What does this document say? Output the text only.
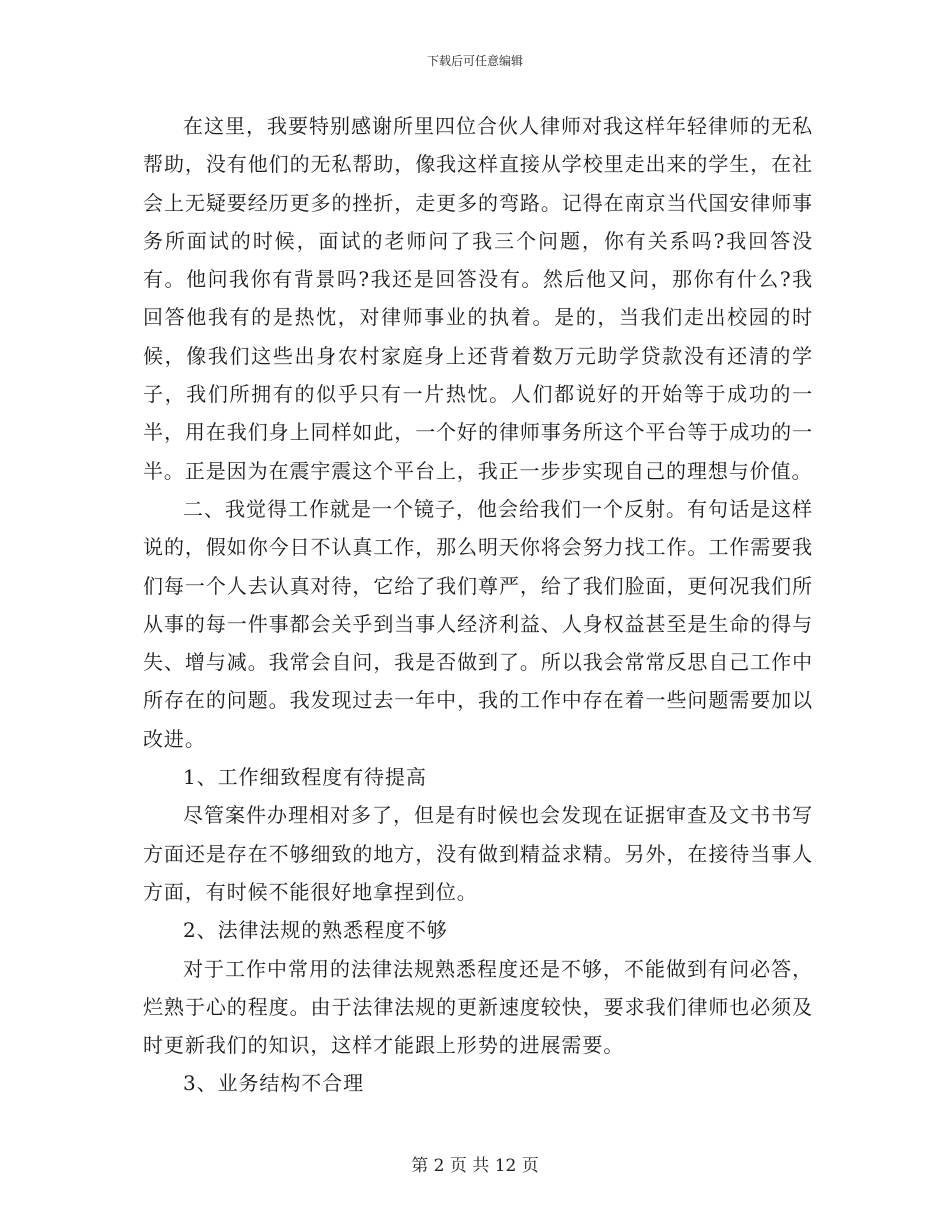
下载后可任意编辑

在这里，我要特别感谢所里四位合伙人律师对我这样年轻律师的无私帮助，没有他们的无私帮助，像我这样直接从学校里走出来的学生，在社会上无疑要经历更多的挫折，走更多的弯路。记得在南京当代国安律师事务所面试的时候，面试的老师问了我三个问题，你有关系吗?我回答没有。他问我你有背景吗?我还是回答没有。然后他又问，那你有什么?我回答他我有的是热忱，对律师事业的执着。是的，当我们走出校园的时候，像我们这些出身农村家庭身上还背着数万元助学贷款没有还清的学子，我们所拥有的似乎只有一片热忱。人们都说好的开始等于成功的一半，用在我们身上同样如此，一个好的律师事务所这个平台等于成功的一半。正是因为在震宇震这个平台上，我正一步步实现自己的理想与价值。

二、我觉得工作就是一个镜子，他会给我们一个反射。有句话是这样说的，假如你今日不认真工作，那么明天你将会努力找工作。工作需要我们每一个人去认真对待，它给了我们尊严，给了我们脸面，更何况我们所从事的每一件事都会关乎到当事人经济利益、人身权益甚至是生命的得与失、增与减。我常会自问，我是否做到了。所以我会常常反思自己工作中所存在的问题。我发现过去一年中，我的工作中存在着一些问题需要加以改进。

1、工作细致程度有待提高

尽管案件办理相对多了，但是有时候也会发现在证据审查及文书书写方面还是存在不够细致的地方，没有做到精益求精。另外，在接待当事人方面，有时候不能很好地拿捏到位。

2、法律法规的熟悉程度不够

对于工作中常用的法律法规熟悉程度还是不够，不能做到有问必答，烂熟于心的程度。由于法律法规的更新速度较快，要求我们律师也必须及时更新我们的知识，这样才能跟上形势的进展需要。

3、业务结构不合理

第 2 页 共 12 页
